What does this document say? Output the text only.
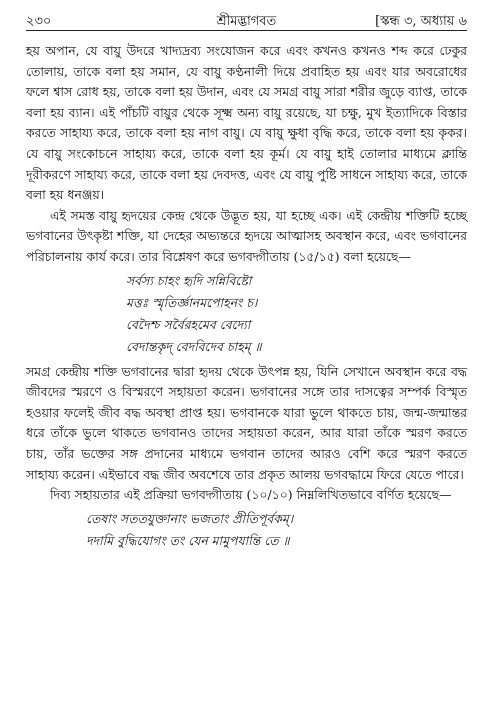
২৩০	শ্রীমদ্ভাগবত	[স্কন্ধ ৩, অধ্যায় ৬

হয় অপান, যে বায়ু উদরে খাদ্যদ্রব্য সংযোজন করে এবং কখনও কখনও শব্দ করে ঢেকুর তোলায়, তাকে বলা হয় সমান, যে বায়ু কণ্ঠনালী দিয়ে প্রবাহিত হয় এবং যার অবরোধের ফলে শ্বাস রোধ হয়, তাকে বলা হয় উদান, এবং যে সমগ্র বায়ু সারা শরীর জুড়ে ব্যাপ্ত, তাকে বলা হয় ব্যান। এই পাঁচটি বায়ুর থেকে সূক্ষ্ম অন্য বায়ু রয়েছে, যা চক্ষু, মুখ ইত্যাদিকে বিস্তার করতে সাহায্য করে, তাকে বলা হয় নাগ বায়ু। যে বায়ু ক্ষুধা বৃদ্ধি করে, তাকে বলা হয় কৃকর। যে বায়ু সংকোচনে সাহায্য করে, তাকে বলা হয় কূর্ম। যে বায়ু হাই তোলার মাধ্যমে ক্লান্তি দূরীকরণে সাহায্য করে, তাকে বলা হয় দেবদত্ত, এবং যে বায়ু পুষ্টি সাধনে সাহায্য করে, তাকে বলা হয় ধনঞ্জয়।

এই সমস্ত বায়ু হৃদয়ের কেন্দ্র থেকে উদ্ভূত হয়, যা হচ্ছে এক। এই কেন্দ্রীয় শক্তিটি হচ্ছে ভগবানের উৎকৃষ্টা শক্তি, যা দেহের অভ্যন্তরে হৃদয়ে আত্মাসহ অবস্থান করে, এবং ভগবানের পরিচালনায় কার্য করে। তার বিশ্লেষণ করে ভগবদ্গীতায় (১৫/১৫) বলা হয়েছে—

সর্বস্য চাহং হৃদি সন্নিবিষ্টো
মত্তঃ স্মৃতির্জ্ঞানমপোহনং চ।
বেদৈশ্চ সর্বৈরহমেব বেদ্যো
বেদান্তকৃদ্ বেদবিদেব চাহম্ ॥

সমগ্র কেন্দ্রীয় শক্তি ভগবানের দ্বারা হৃদয় থেকে উৎপন্ন হয়, যিনি সেখানে অবস্থান করে বদ্ধ জীবদের স্মরণে ও বিস্মরণে সহায়তা করেন। ভগবানের সঙ্গে তার দাসত্বের সম্পর্ক বিস্মৃত হওয়ার ফলেই জীব বদ্ধ অবস্থা প্রাপ্ত হয়। ভগবানকে যারা ভুলে থাকতে চায়, জন্ম-জন্মান্তর ধরে তাঁকে ভুলে থাকতে ভগবানও তাদের সহায়তা করেন, আর যারা তাঁকে স্মরণ করতে চায়, তাঁর ভক্তের সঙ্গ প্রদানের মাধ্যমে ভগবান তাদের আরও বেশি করে স্মরণ করতে সাহায্য করেন। এইভাবে বদ্ধ জীব অবশেষে তার প্রকৃত আলয় ভগবদ্ধামে ফিরে যেতে পারে।

দিব্য সহায়তার এই প্রক্রিয়া ভগবদ্গীতায় (১০/১০) নিম্নলিখিতভাবে বর্ণিত হয়েছে—

তেষাং সততযুক্তানাং ভজতাং প্রীতিপূর্বকম্।
দদামি বুদ্ধিযোগং তং যেন মামুপযান্তি তে ॥
